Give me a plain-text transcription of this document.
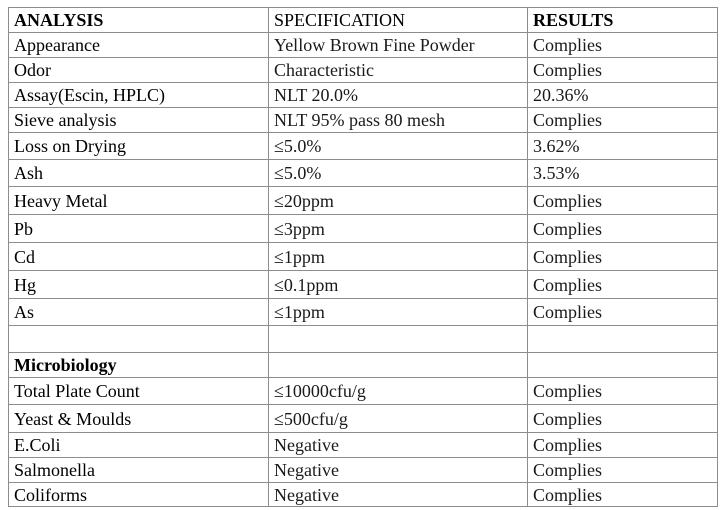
ANALYSIS	SPECIFICATION	RESULTS
Appearance	Yellow Brown Fine Powder	Complies
Odor	Characteristic	Complies
Assay(Escin, HPLC)	NLT 20.0%	20.36%
Sieve analysis	NLT 95% pass 80 mesh	Complies
Loss on Drying	≤5.0%	3.62%
Ash	≤5.0%	3.53%
Heavy Metal	≤20ppm	Complies
Pb	≤3ppm	Complies
Cd	≤1ppm	Complies
Hg	≤0.1ppm	Complies
As	≤1ppm	Complies

Microbiology		
Total Plate Count	≤10000cfu/g	Complies
Yeast & Moulds	≤500cfu/g	Complies
E.Coli	Negative	Complies
Salmonella	Negative	Complies
Coliforms	Negative	Complies
